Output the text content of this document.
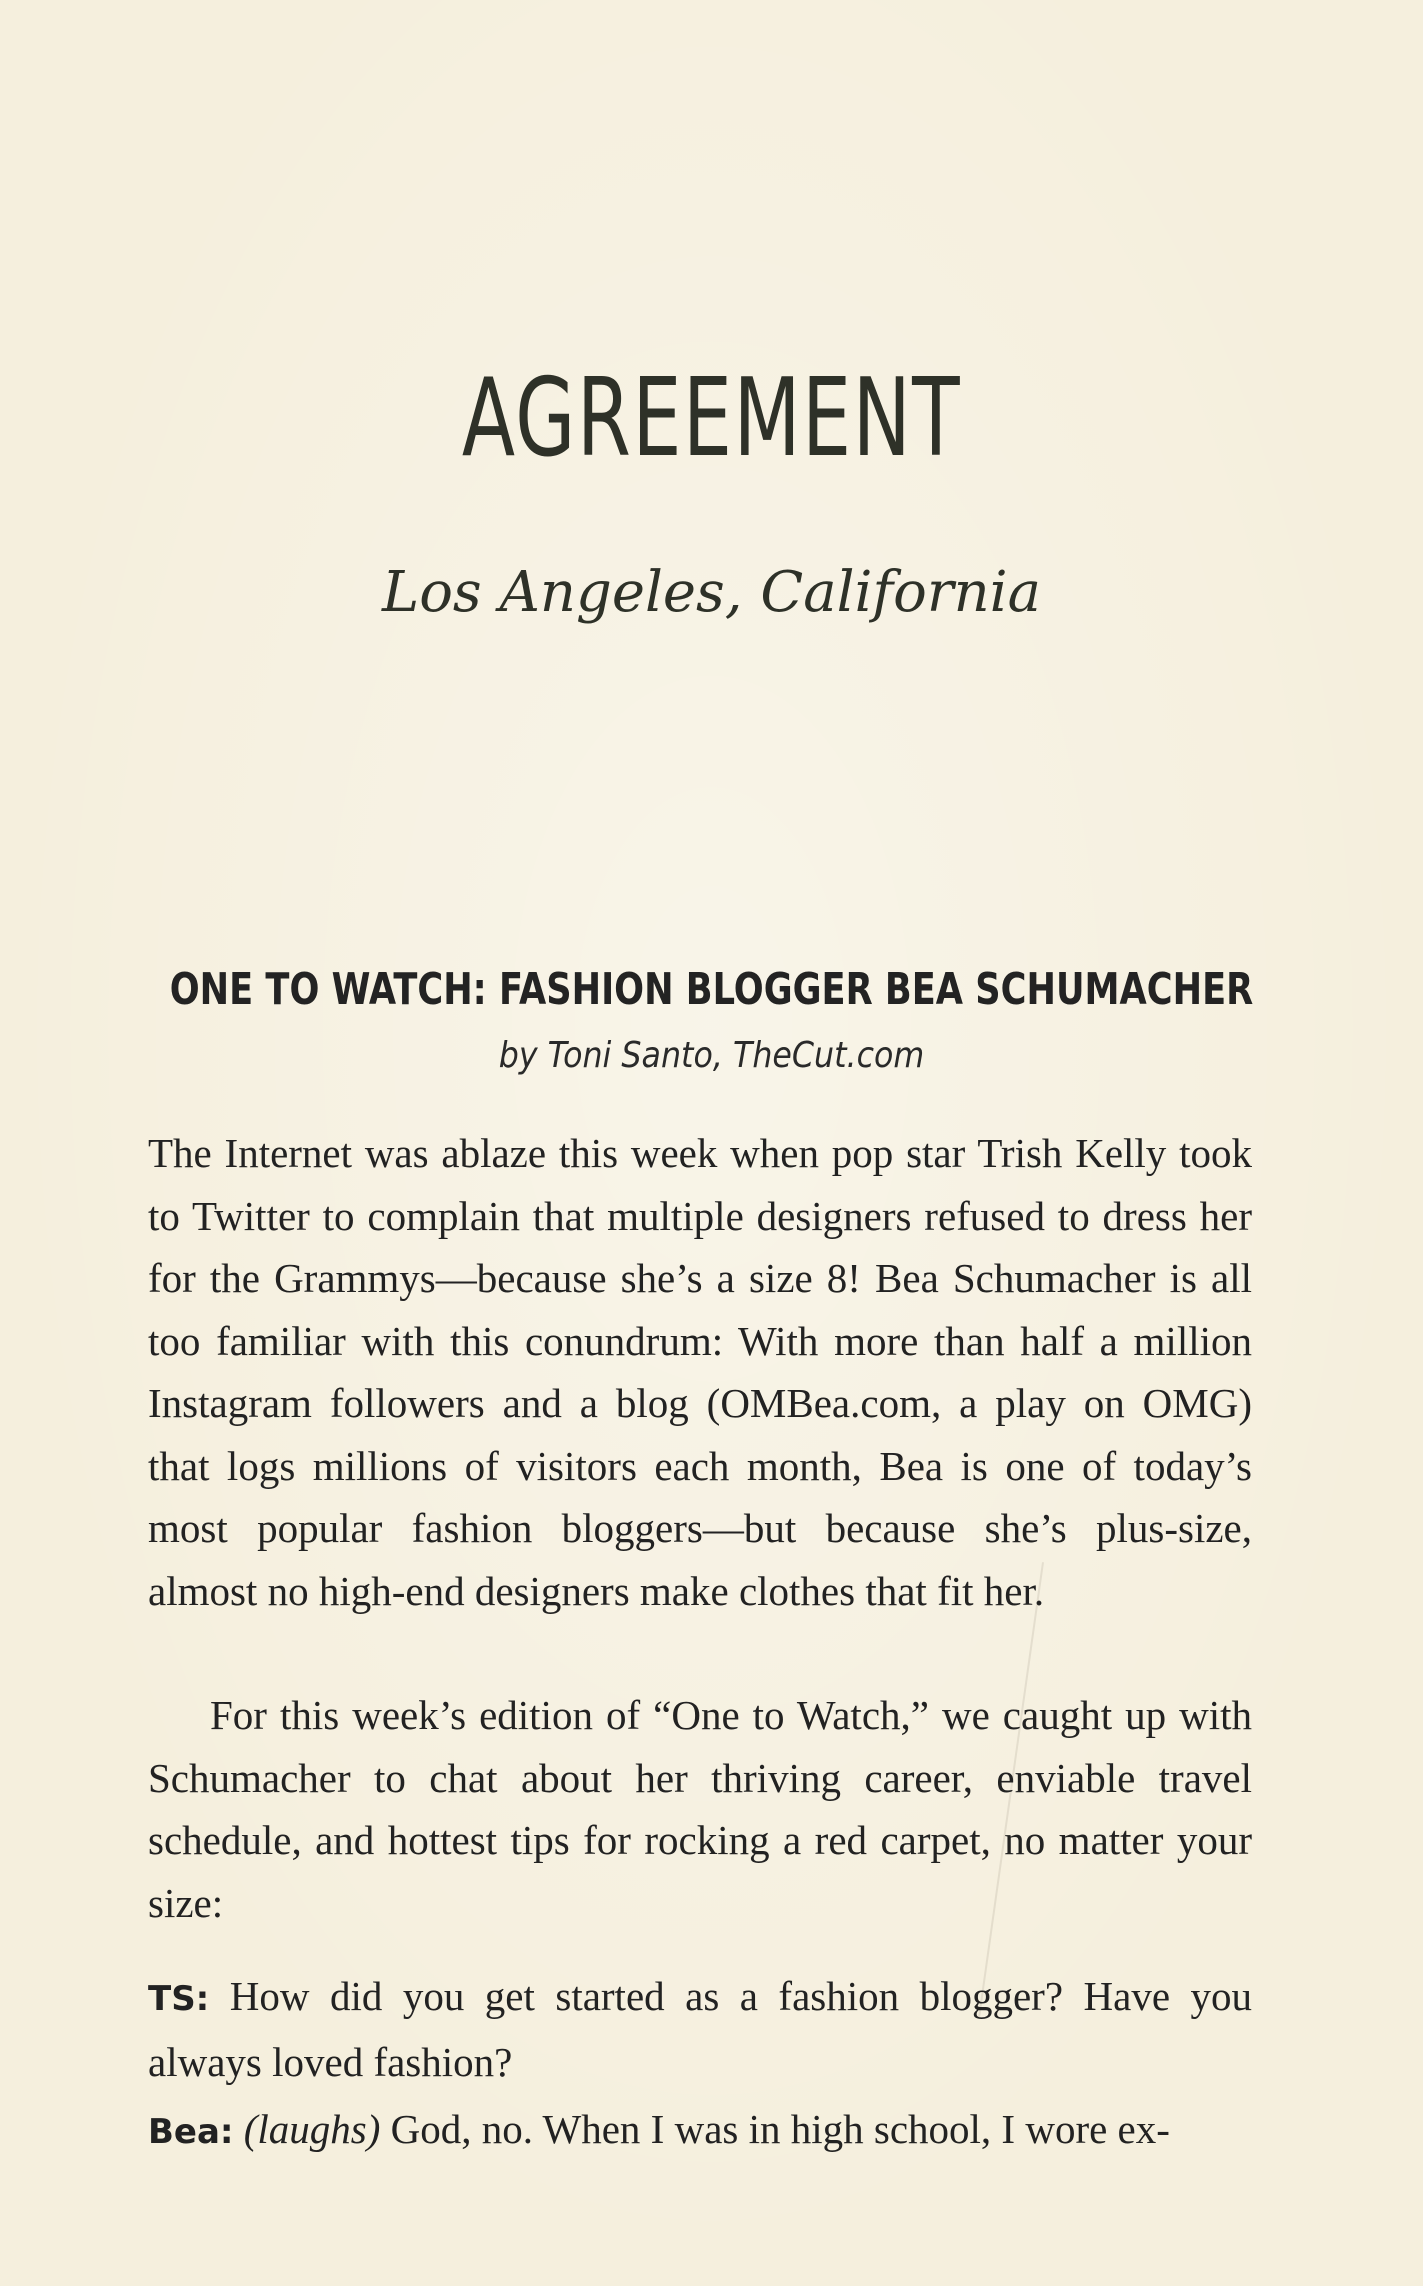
AGREEMENT
Los Angeles, California
ONE TO WATCH: FASHION BLOGGER BEA SCHUMACHER
by Toni Santo, TheCut.com
The Internet was ablaze this week when pop star Trish Kelly took to Twitter to complain that multiple designers refused to dress her for the Grammys—because she’s a size 8! Bea Schumacher is all too familiar with this conundrum: With more than half a million Instagram followers and a blog (OMBea.com, a play on OMG) that logs millions of visitors each month, Bea is one of today’s most popular fashion bloggers—but because she’s plus-size, almost no high-end designers make clothes that fit her.
For this week’s edition of “One to Watch,” we caught up with Schumacher to chat about her thriving career, enviable travel schedule, and hottest tips for rocking a red carpet, no matter your size:
TS: How did you get started as a fashion blogger? Have you always loved fashion?
Bea: (laughs) God, no. When I was in high school, I wore ex-
